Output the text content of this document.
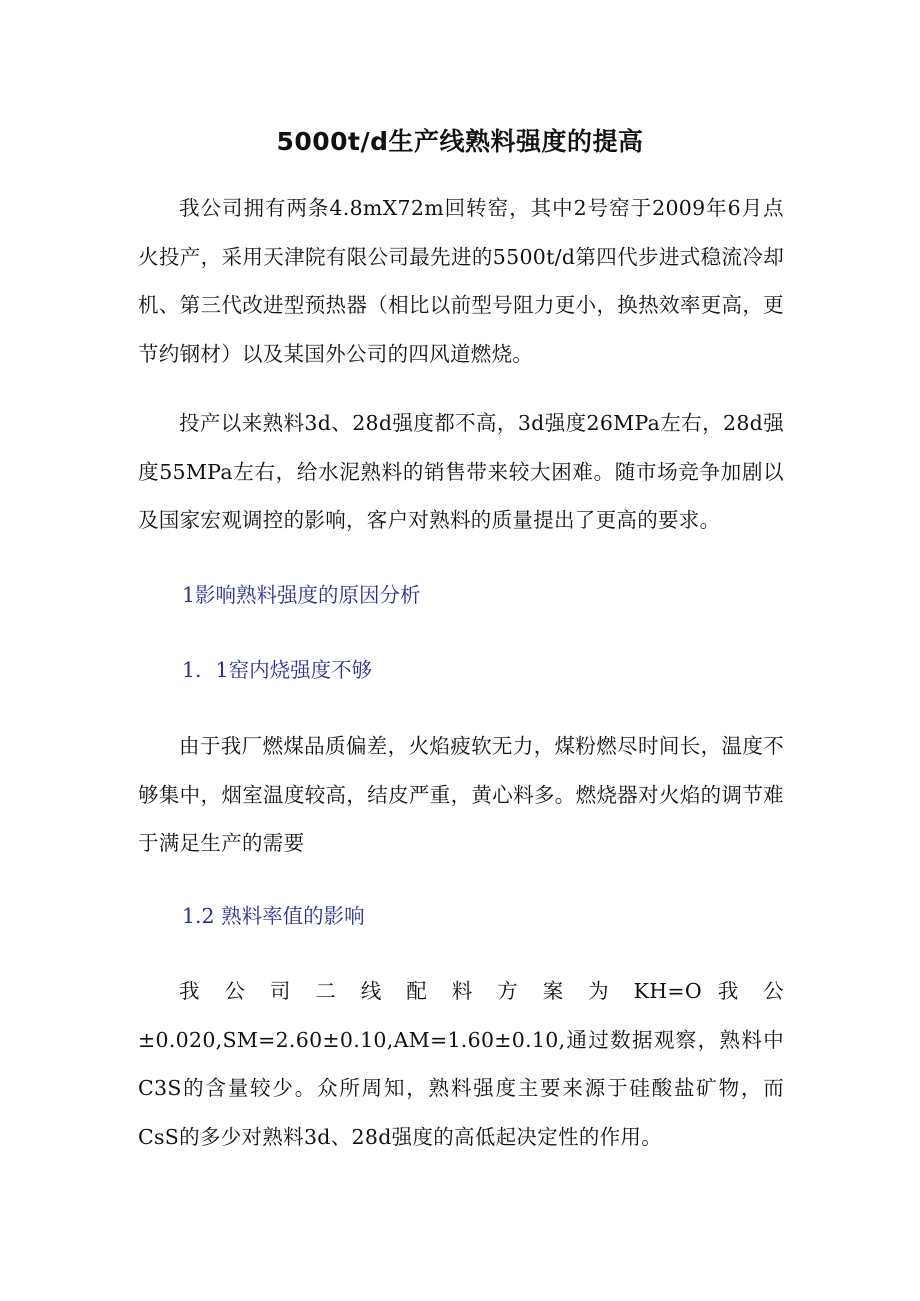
5000t/d生产线熟料强度的提高

我公司拥有两条4.8mX72m回转窑，其中2号窑于2009年6月点火投产，采用天津院有限公司最先进的5500t/d第四代步进式稳流冷却机、第三代改进型预热器（相比以前型号阻力更小，换热效率更高，更节约钢材）以及某国外公司的四风道燃烧。

投产以来熟料3d、28d强度都不高，3d强度26MPa左右，28d强度55MPa左右，给水泥熟料的销售带来较大困难。随市场竞争加剧以及国家宏观调控的影响，客户对熟料的质量提出了更高的要求。

1影响熟料强度的原因分析
1．1窑内烧强度不够

由于我厂燃煤品质偏差，火焰疲软无力，煤粉燃尽时间长，温度不够集中，烟室温度较高，结皮严重，黄心料多。燃烧器对火焰的调节难于满足生产的需要

1.2 熟料率值的影响
我 公 司 二 线 配 料 方 案 为 KH=O 我 公
±0.020,SM=2.60±0.10,AM=1.60±0.10,通过数据观察，熟料中C3S的含量较少。众所周知，熟料强度主要来源于硅酸盐矿物，而CsS的多少对熟料3d、28d强度的高低起决定性的作用。
